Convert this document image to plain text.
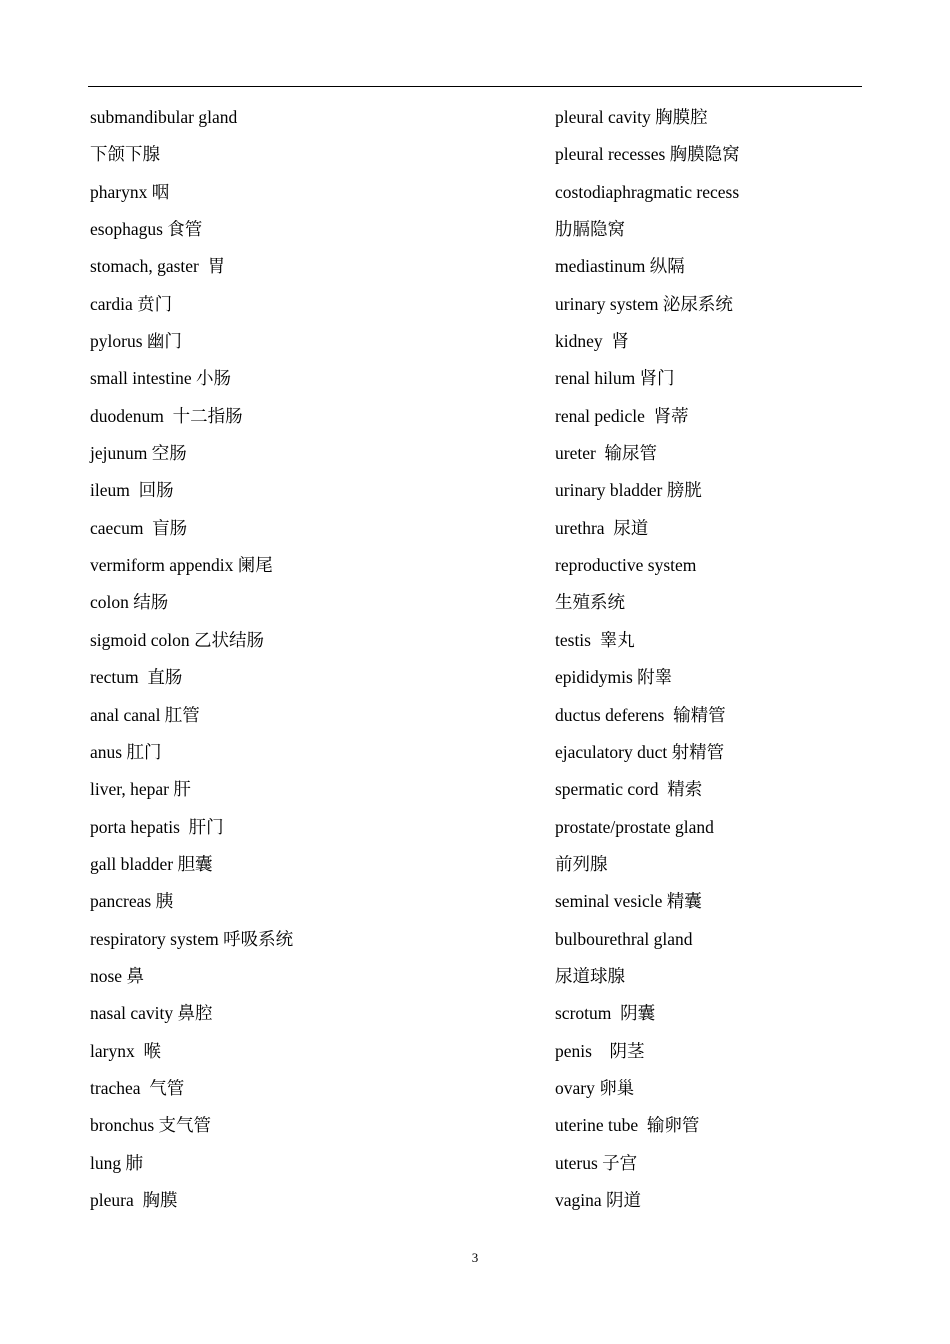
submandibular gland
下颌下腺
pharynx 咽
esophagus 食管
stomach, gaster  胃
cardia 贲门
pylorus 幽门
small intestine 小肠
duodenum  十二指肠
jejunum 空肠
ileum  回肠
caecum  盲肠
vermiform appendix 阑尾
colon 结肠
sigmoid colon 乙状结肠
rectum  直肠
anal canal 肛管
anus 肛门
liver, hepar 肝
porta hepatis  肝门
gall bladder 胆囊
pancreas 胰
respiratory system 呼吸系统
nose 鼻
nasal cavity 鼻腔
larynx  喉
trachea  气管
bronchus 支气管
lung 肺
pleura  胸膜
pleural cavity 胸膜腔
pleural recesses 胸膜隐窝
costodiaphragmatic recess
肋膈隐窝
mediastinum 纵隔
urinary system 泌尿系统
kidney  肾
renal hilum 肾门
renal pedicle  肾蒂
ureter  输尿管
urinary bladder 膀胱
urethra  尿道
reproductive system
生殖系统
testis  睾丸
epididymis 附睾
ductus deferens  输精管
ejaculatory duct 射精管
spermatic cord  精索
prostate/prostate gland
前列腺
seminal vesicle 精囊
bulbourethral gland
尿道球腺
scrotum  阴囊
penis    阴茎
ovary 卵巢
uterine tube  输卵管
uterus 子宫
vagina 阴道
3
